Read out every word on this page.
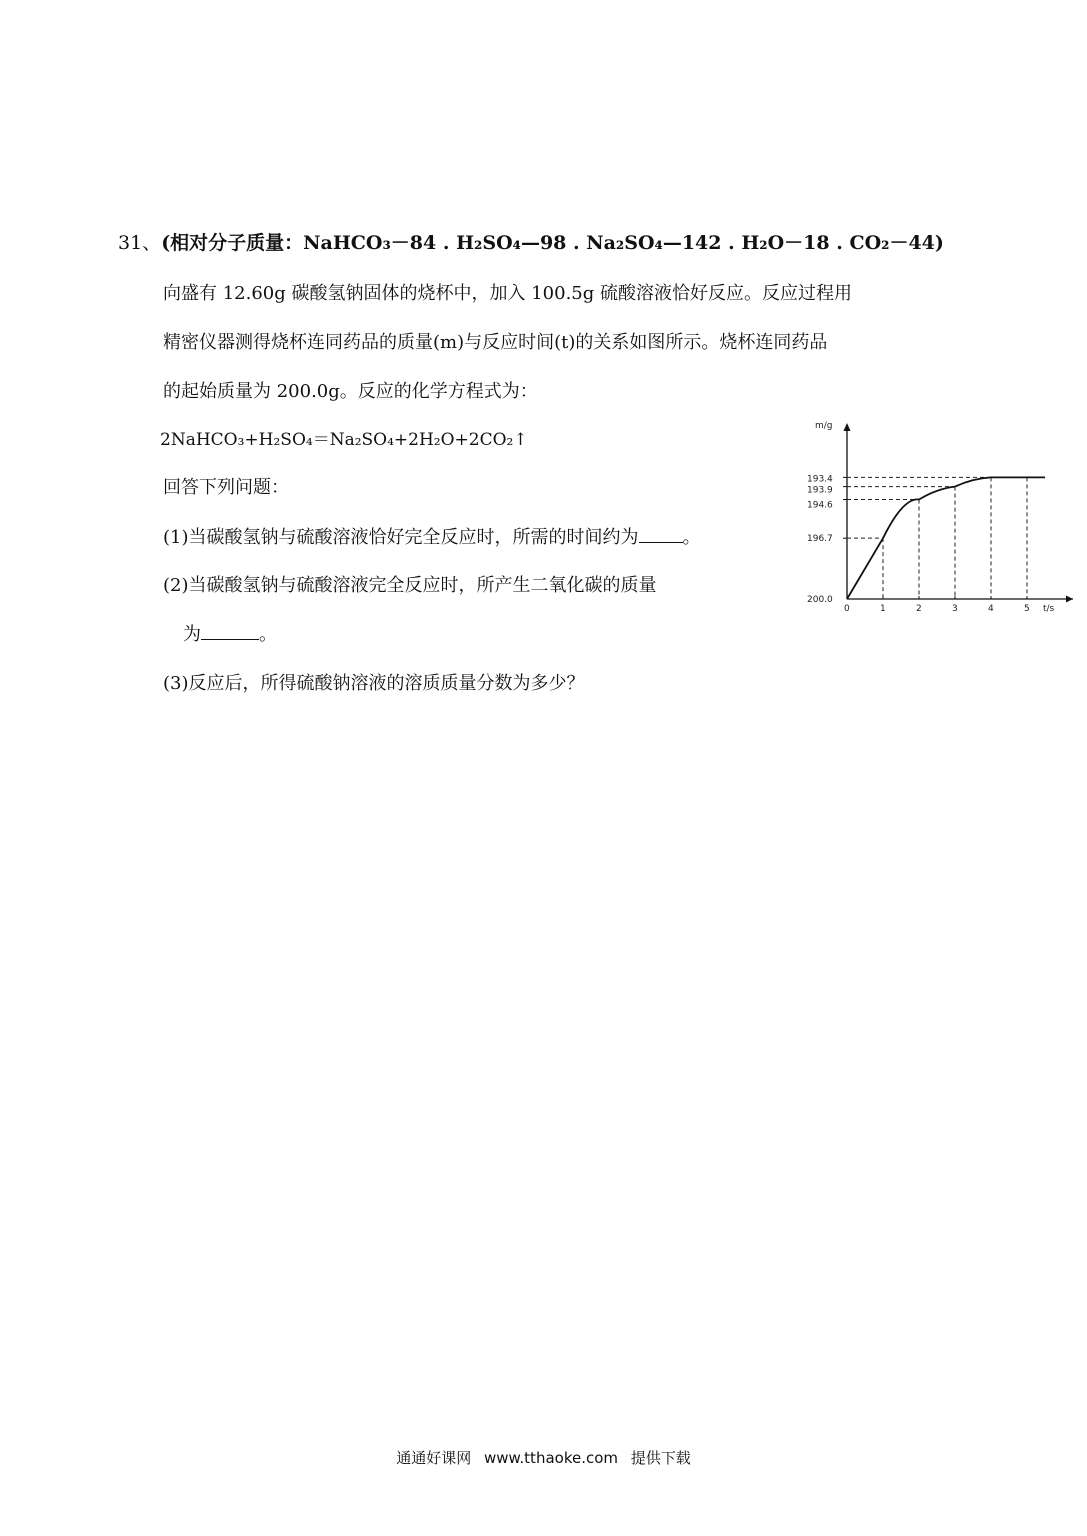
31、(相对分子质量：NaHCO₃－84 . H₂SO₄—98 . Na₂SO₄—142 . H₂O－18 . CO₂－44)
向盛有 12.60g 碳酸氢钠固体的烧杯中，加入 100.5g 硫酸溶液恰好反应。反应过程用
精密仪器测得烧杯连同药品的质量(m)与反应时间(t)的关系如图所示。烧杯连同药品
的起始质量为 200.0g。反应的化学方程式为：
2NaHCO₃+H₂SO₄＝Na₂SO₄+2H₂O+2CO₂↑
回答下列问题：
(1)当碳酸氢钠与硫酸溶液恰好完全反应时，所需的时间约为 。
(2)当碳酸氢钠与硫酸溶液完全反应时，所产生二氧化碳的质量
为	。
(3)反应后，所得硫酸钠溶液的溶质质量分数为多少？
m/g
t/s
0	1	2	3	4	5
200.0
196.7
194.6
193.9
193.4
通通好课网 www.tthaoke.com 提供下载
